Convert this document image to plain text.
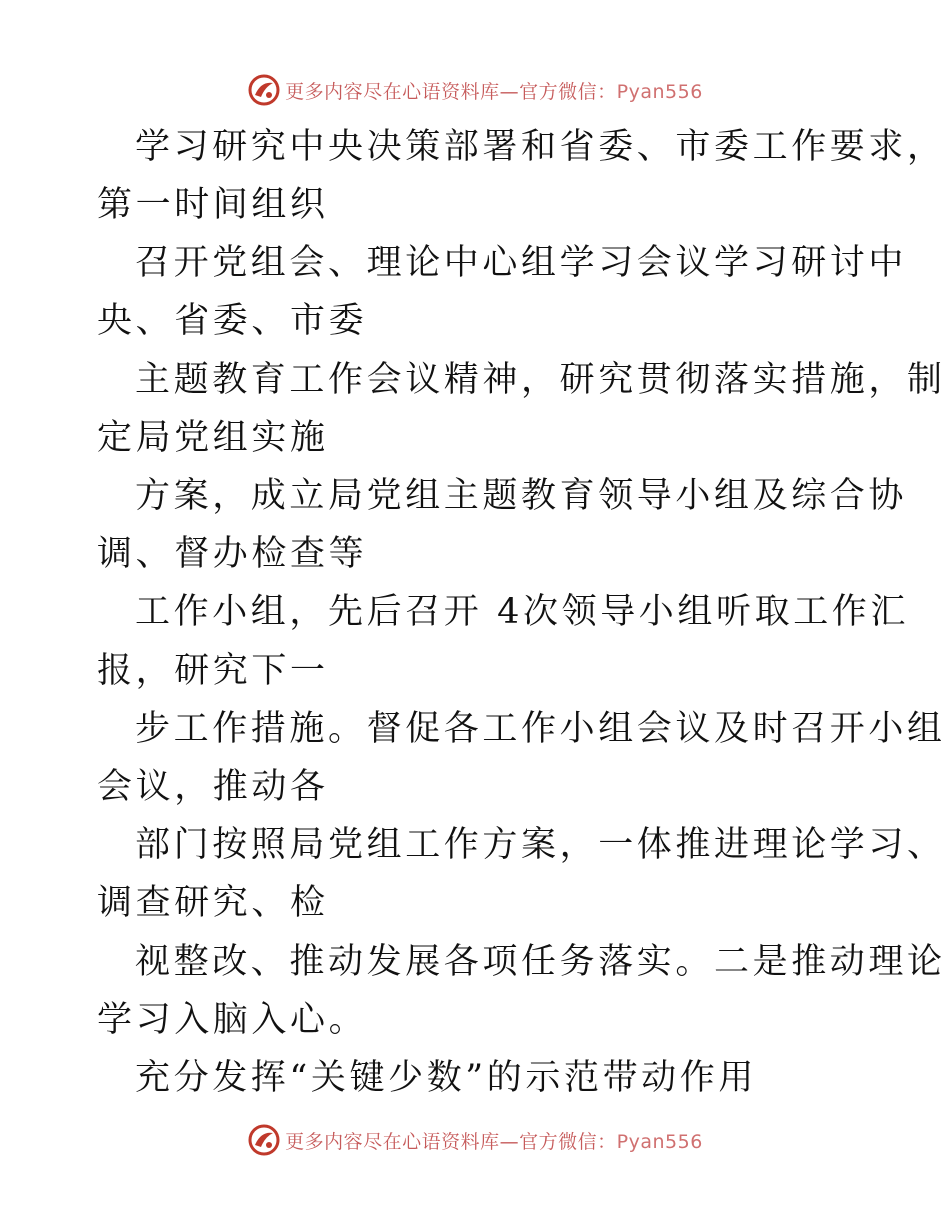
更多内容尽在心语资料库—官方微信：Pyan556
学习研究中央决策部署和省委、市委工作要求，
第一时间组织
召开党组会、理论中心组学习会议学习研讨中
央、省委、市委
主题教育工作会议精神，研究贯彻落实措施，制
定局党组实施
方案，成立局党组主题教育领导小组及综合协
调、督办检查等
工作小组，先后召开 4次领导小组听取工作汇
报，研究下一
步工作措施。督促各工作小组会议及时召开小组
会议，推动各
部门按照局党组工作方案，一体推进理论学习、
调查研究、检
视整改、推动发展各项任务落实。二是推动理论
学习入脑入心。
充分发挥“关键少数”的示范带动作用
更多内容尽在心语资料库—官方微信：Pyan556
